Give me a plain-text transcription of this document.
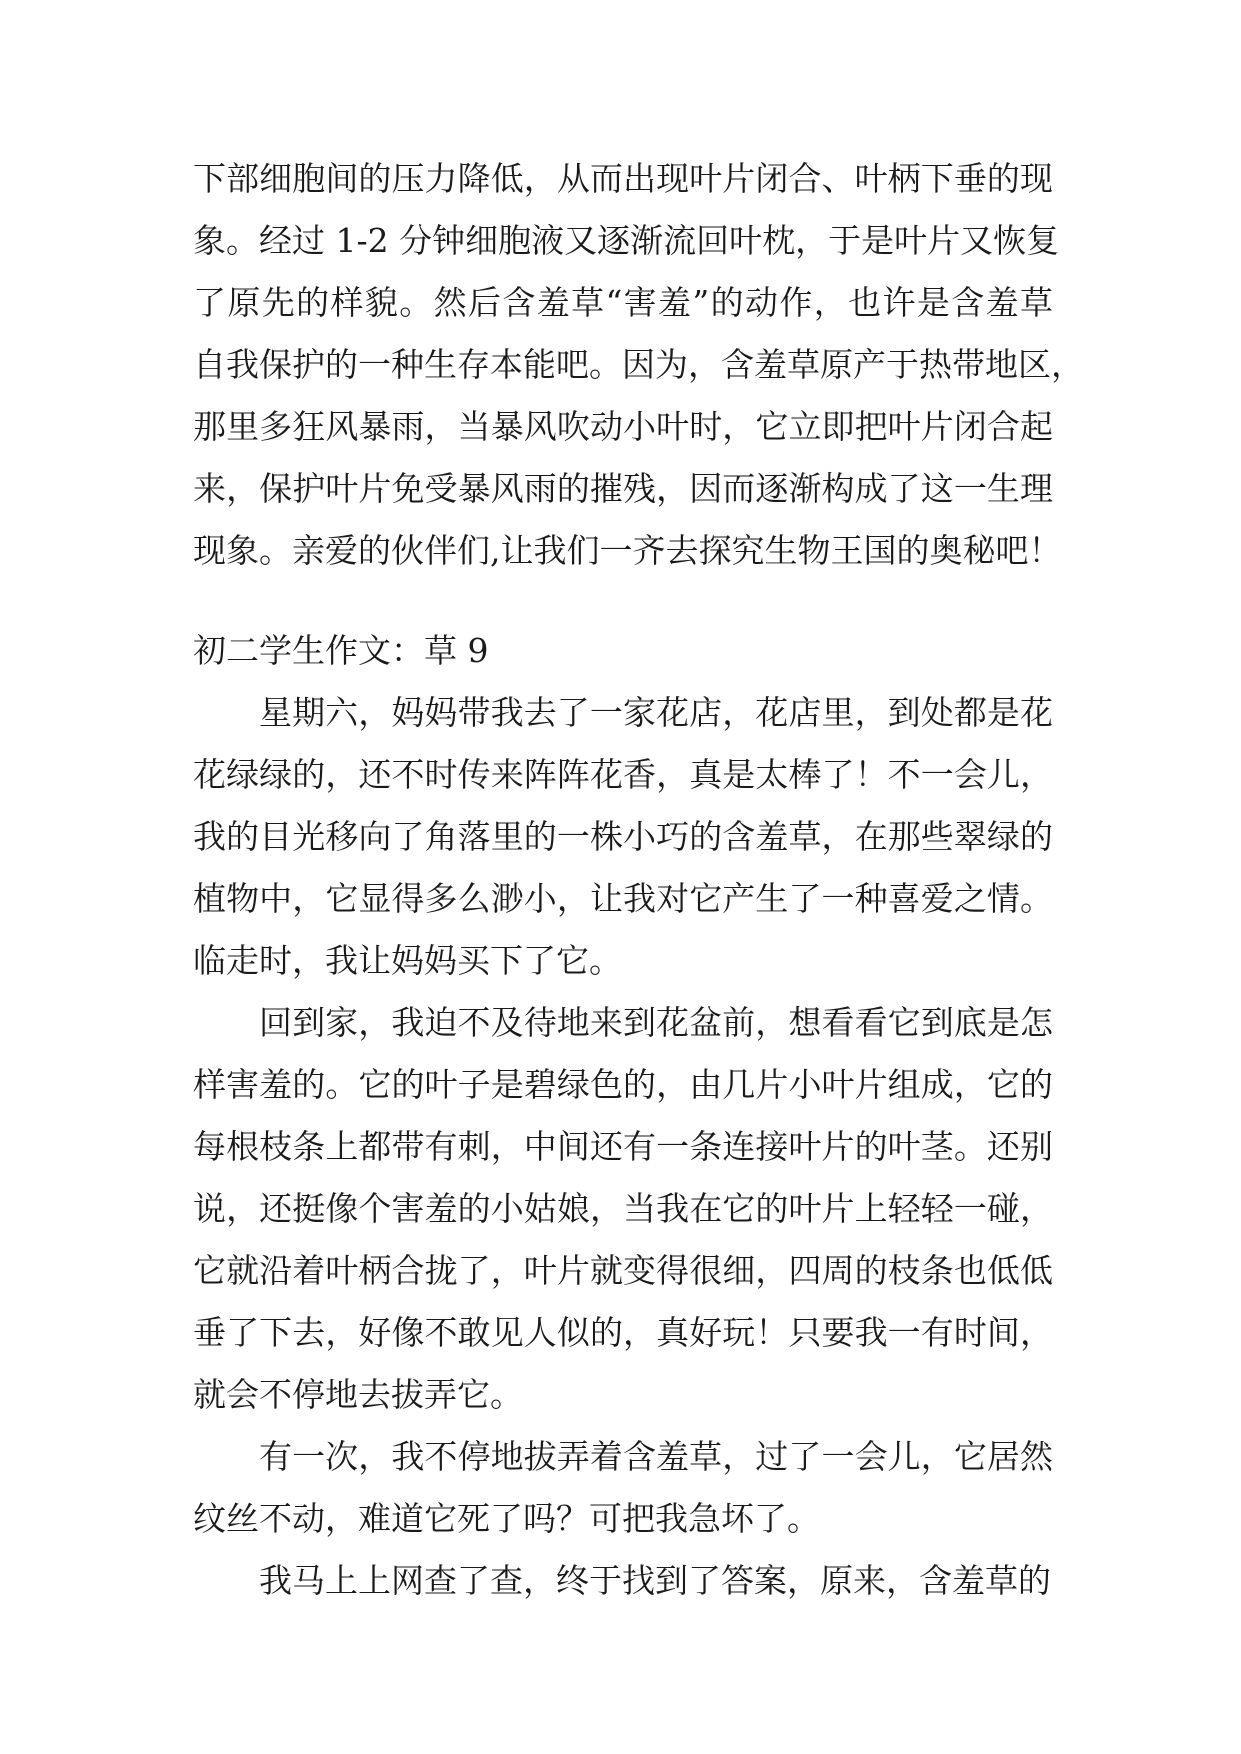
下部细胞间的压力降低，从而出现叶片闭合、叶柄下垂的现
象。经过 1-2 分钟细胞液又逐渐流回叶枕，于是叶片又恢复
了原先的样貌。然后含羞草“害羞”的动作，也许是含羞草
自我保护的一种生存本能吧。因为，含羞草原产于热带地区，
那里多狂风暴雨，当暴风吹动小叶时，它立即把叶片闭合起
来，保护叶片免受暴风雨的摧残，因而逐渐构成了这一生理
现象。亲爱的伙伴们,让我们一齐去探究生物王国的奥秘吧！
初二学生作文：草 9
星期六，妈妈带我去了一家花店，花店里，到处都是花
花绿绿的，还不时传来阵阵花香，真是太棒了！不一会儿，
我的目光移向了角落里的一株小巧的含羞草，在那些翠绿的
植物中，它显得多么渺小，让我对它产生了一种喜爱之情。
临走时，我让妈妈买下了它。
回到家，我迫不及待地来到花盆前，想看看它到底是怎
样害羞的。它的叶子是碧绿色的，由几片小叶片组成，它的
每根枝条上都带有刺，中间还有一条连接叶片的叶茎。还别
说，还挺像个害羞的小姑娘，当我在它的叶片上轻轻一碰，
它就沿着叶柄合拢了，叶片就变得很细，四周的枝条也低低
垂了下去，好像不敢见人似的，真好玩！只要我一有时间，
就会不停地去拔弄它。
有一次，我不停地拔弄着含羞草，过了一会儿，它居然
纹丝不动，难道它死了吗？可把我急坏了。
我马上上网查了查，终于找到了答案，原来，含羞草的
